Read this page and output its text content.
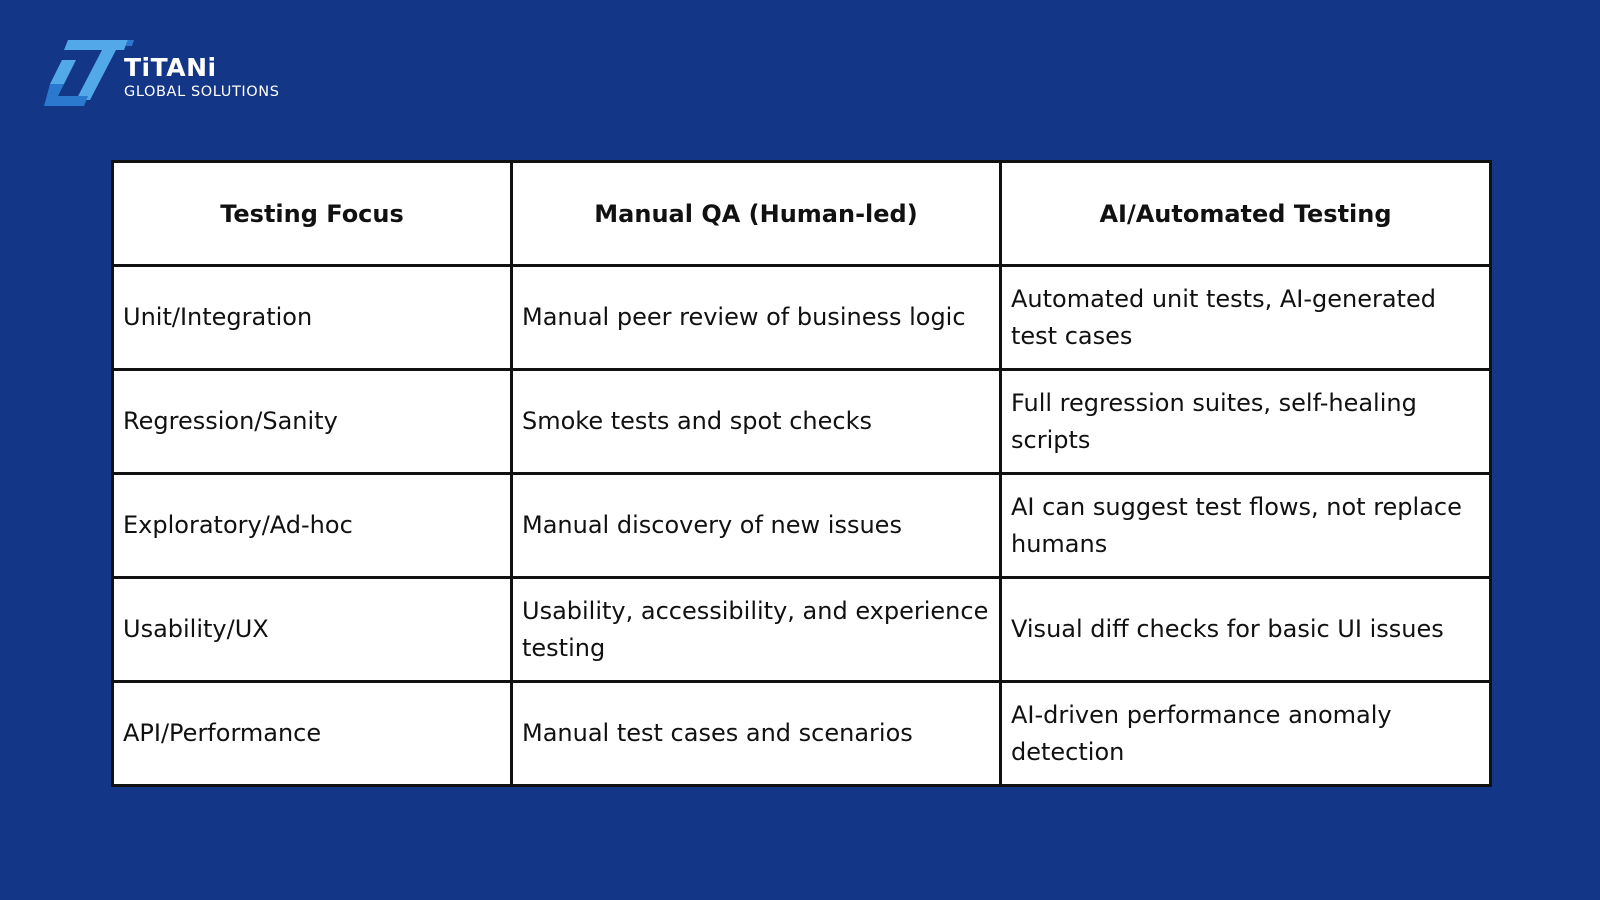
TiTANi
GLOBAL SOLUTIONS
Testing Focus	Manual QA (Human-led)	AI/Automated Testing
Unit/Integration	Manual peer review of business logic	Automated unit tests, AI-generated test cases
Regression/Sanity	Smoke tests and spot checks	Full regression suites, self-healing scripts
Exploratory/Ad-hoc	Manual discovery of new issues	AI can suggest test flows, not replace humans
Usability/UX	Usability, accessibility, and experience testing	Visual diff checks for basic UI issues
API/Performance	Manual test cases and scenarios	AI-driven performance anomaly detection
